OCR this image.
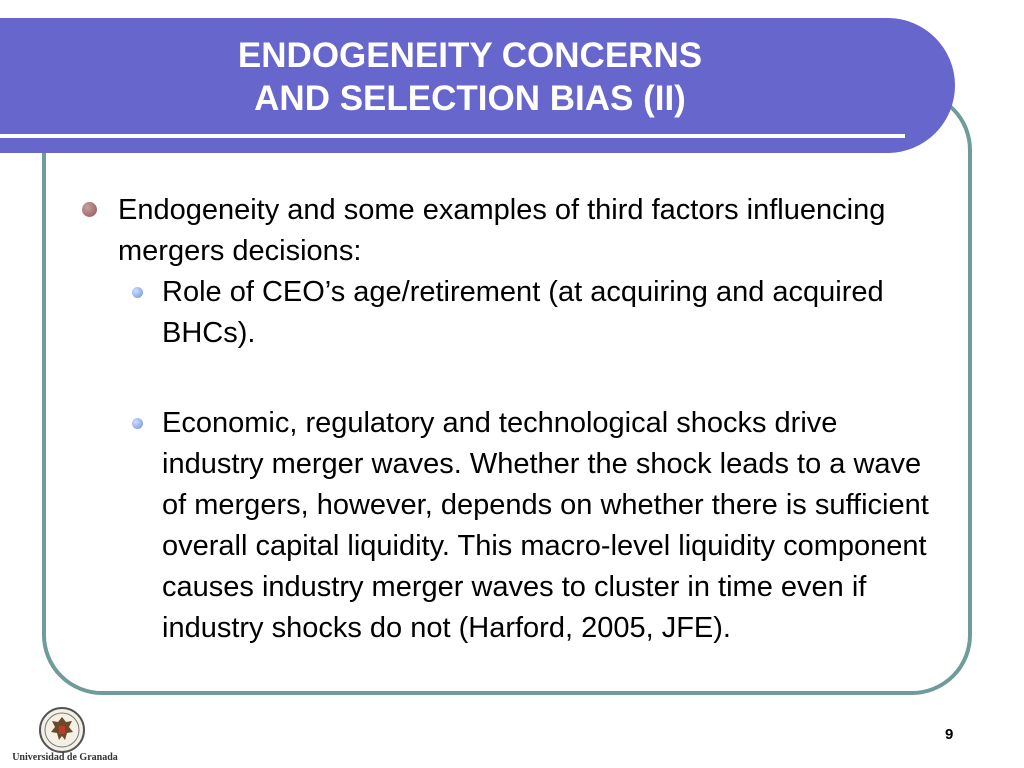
ENDOGENEITY CONCERNS
AND SELECTION BIAS (II)
Endogeneity and some examples of third factors influencing mergers decisions:
Role of CEO’s age/retirement (at acquiring and acquired BHCs).
Economic, regulatory and technological shocks drive industry merger waves. Whether the shock leads to a wave of mergers, however, depends on whether there is sufficient overall capital liquidity. This macro-level liquidity component causes industry merger waves to cluster in time even if industry shocks do not (Harford, 2005, JFE).
Universidad de Granada
9
